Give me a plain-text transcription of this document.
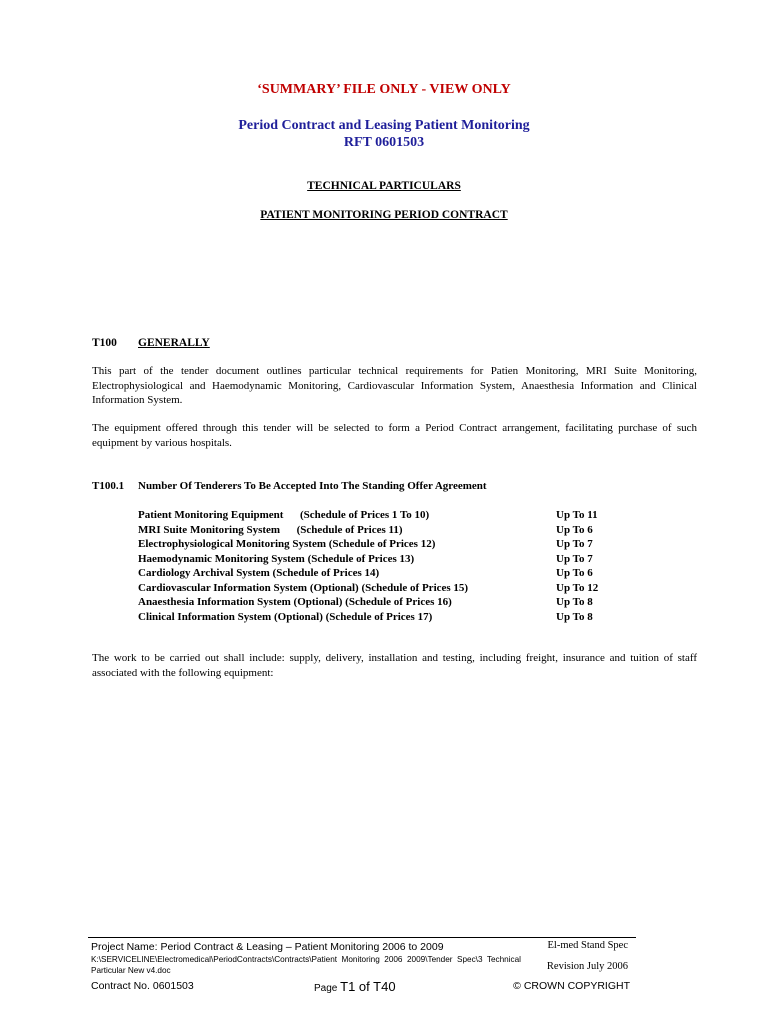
‘SUMMARY’ FILE ONLY - VIEW ONLY
Period Contract and Leasing Patient Monitoring
RFT 0601503
TECHNICAL PARTICULARS
PATIENT MONITORING PERIOD CONTRACT
T100 GENERALLY
This part of the tender document outlines particular technical requirements for Patien Monitoring, MRI Suite Monitoring, Electrophysiological and Haemodynamic Monitoring, Cardiovascular Information System, Anaesthesia Information and Clinical Information System.
The equipment offered through this tender will be selected to form a Period Contract arrangement, facilitating purchase of such equipment by various hospitals.
T100.1 Number Of Tenderers To Be Accepted Into The Standing Offer Agreement
Patient Monitoring Equipment      (Schedule of Prices 1 To 10)	Up To 11
MRI Suite Monitoring System      (Schedule of Prices 11)	Up To 6
Electrophysiological Monitoring System (Schedule of Prices 12)	Up To 7
Haemodynamic Monitoring System (Schedule of Prices 13)	Up To 7
Cardiology Archival System (Schedule of Prices 14)	Up To 6
Cardiovascular Information System (Optional) (Schedule of Prices 15)	Up To 12
Anaesthesia Information System (Optional) (Schedule of Prices 16)	Up To 8
Clinical Information System (Optional) (Schedule of Prices 17)	Up To 8
The work to be carried out shall include: supply, delivery, installation and testing, including freight, insurance and tuition of staff associated with the following equipment:
Project Name: Period Contract & Leasing – Patient Monitoring 2006 to 2009
K:\SERVICELINE\Electromedical\PeriodContracts\Contracts\Patient Monitoring 2006 2009\Tender Spec\3 Technical Particular New v4.doc
El-med Stand Spec
Revision July 2006
Contract No. 0601503	Page T1 of T40	© CROWN COPYRIGHT
